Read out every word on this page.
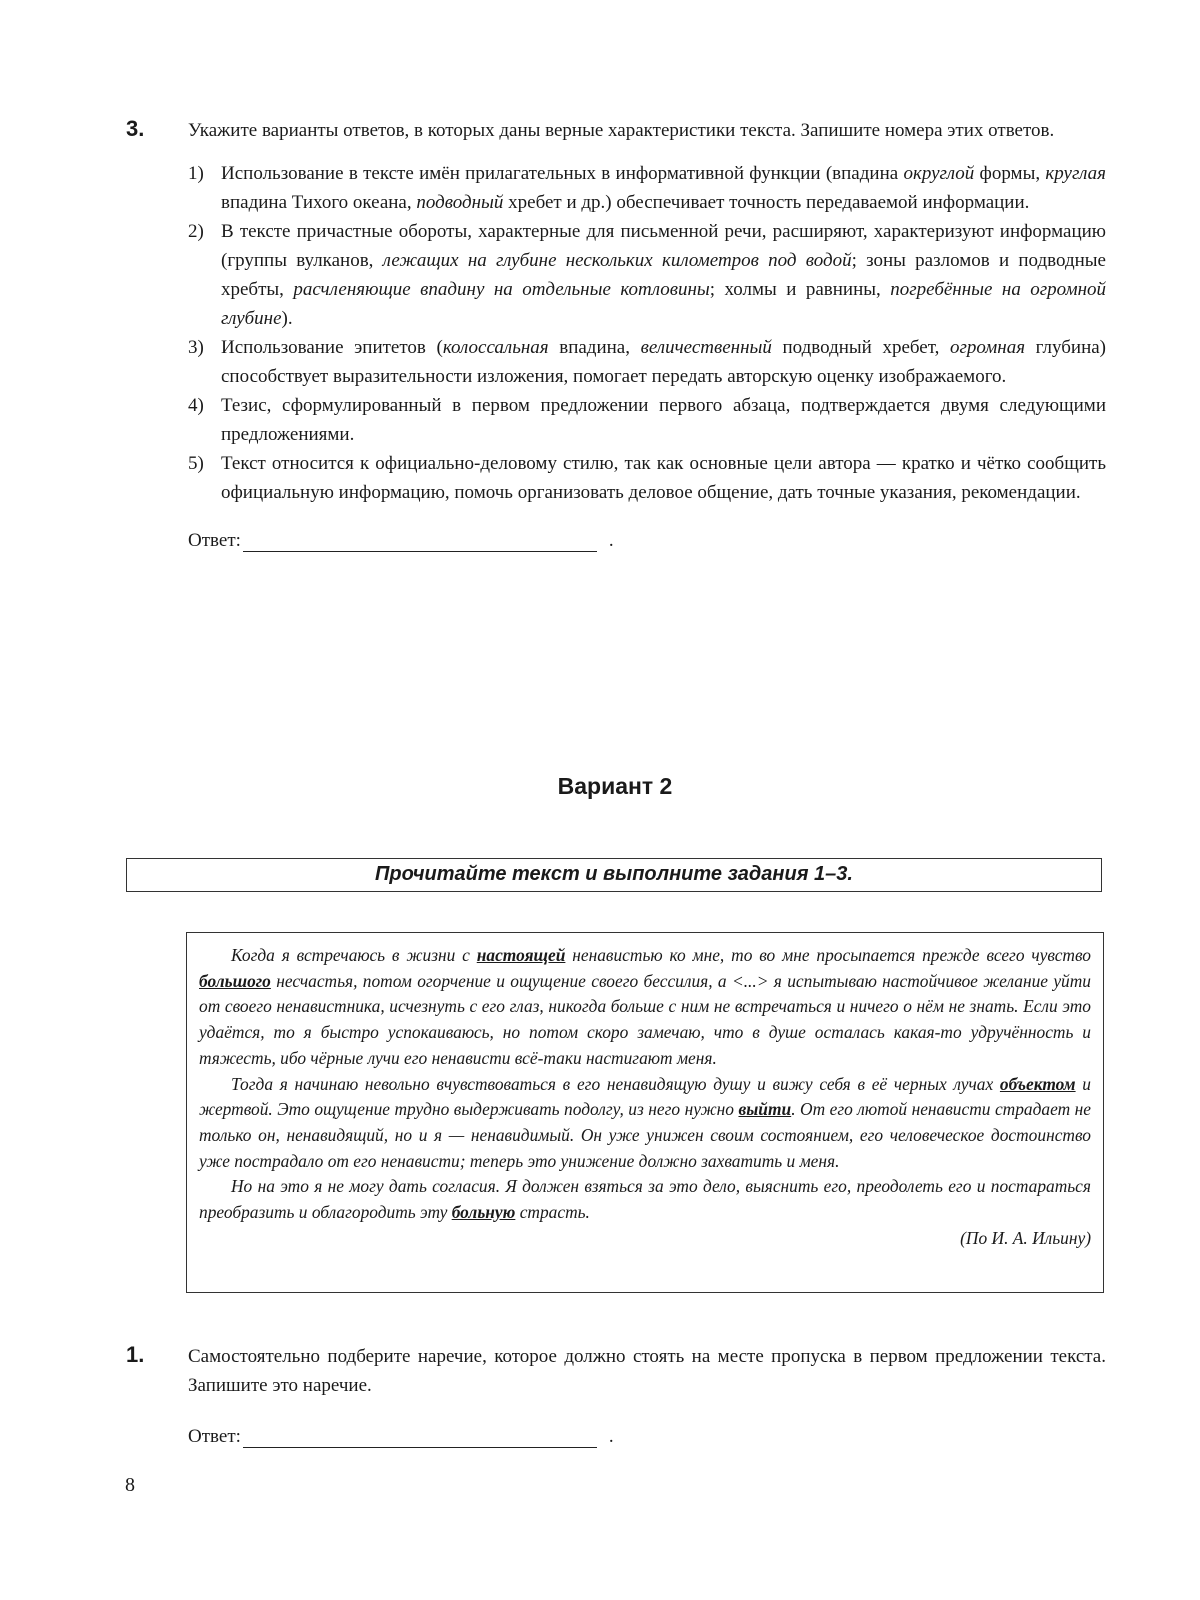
3. Укажите варианты ответов, в которых даны верные характеристики текста. Запишите номера этих ответов.
1) Использование в тексте имён прилагательных в информативной функции (впадина округлой формы, круглая впадина Тихого океана, подводный хребет и др.) обеспечивает точность передаваемой информации.
2) В тексте причастные обороты, характерные для письменной речи, расширяют, характеризуют информацию (группы вулканов, лежащих на глубине нескольких километров под водой; зоны разломов и подводные хребты, расчленяющие впадину на отдельные котловины; холмы и равнины, погребённые на огромной глубине).
3) Использование эпитетов (колоссальная впадина, величественный подводный хребет, огромная глубина) способствует выразительности изложения, помогает передать авторскую оценку изображаемого.
4) Тезис, сформулированный в первом предложении первого абзаца, подтверждается двумя следующими предложениями.
5) Текст относится к официально-деловому стилю, так как основные цели автора — кратко и чётко сообщить официальную информацию, помочь организовать деловое общение, дать точные указания, рекомендации.
Ответ:	.
Вариант 2
Прочитайте текст и выполните задания 1–3.

Когда я встречаюсь в жизни с настоящей ненавистью ко мне, то во мне просыпается прежде всего чувство большого несчастья, потом огорчение и ощущение своего бессилия, а <...> я испытываю настойчивое желание уйти от своего ненавистника, исчезнуть с его глаз, никогда больше с ним не встречаться и ничего о нём не знать. Если это удаётся, то я быстро успокаиваюсь, но потом скоро замечаю, что в душе осталась какая-то удручённость и тяжесть, ибо чёрные лучи его ненависти всё-таки настигают меня.

Тогда я начинаю невольно вчувствоваться в его ненавидящую душу и вижу себя в её черных лучах объектом и жертвой. Это ощущение трудно выдерживать подолгу, из него нужно выйти. От его лютой ненависти страдает не только он, ненавидящий, но и я — ненавидимый. Он уже унижен своим состоянием, его человеческое достоинство уже пострадало от его ненависти; теперь это унижение должно захватить и меня.

Но на это я не могу дать согласия. Я должен взяться за это дело, выяснить его, преодолеть его и постараться преобразить и облагородить эту больную страсть.

(По И. А. Ильину)

1. Самостоятельно подберите наречие, которое должно стоять на месте пропуска в первом предложении текста. Запишите это наречие.
Ответ:	.
8
